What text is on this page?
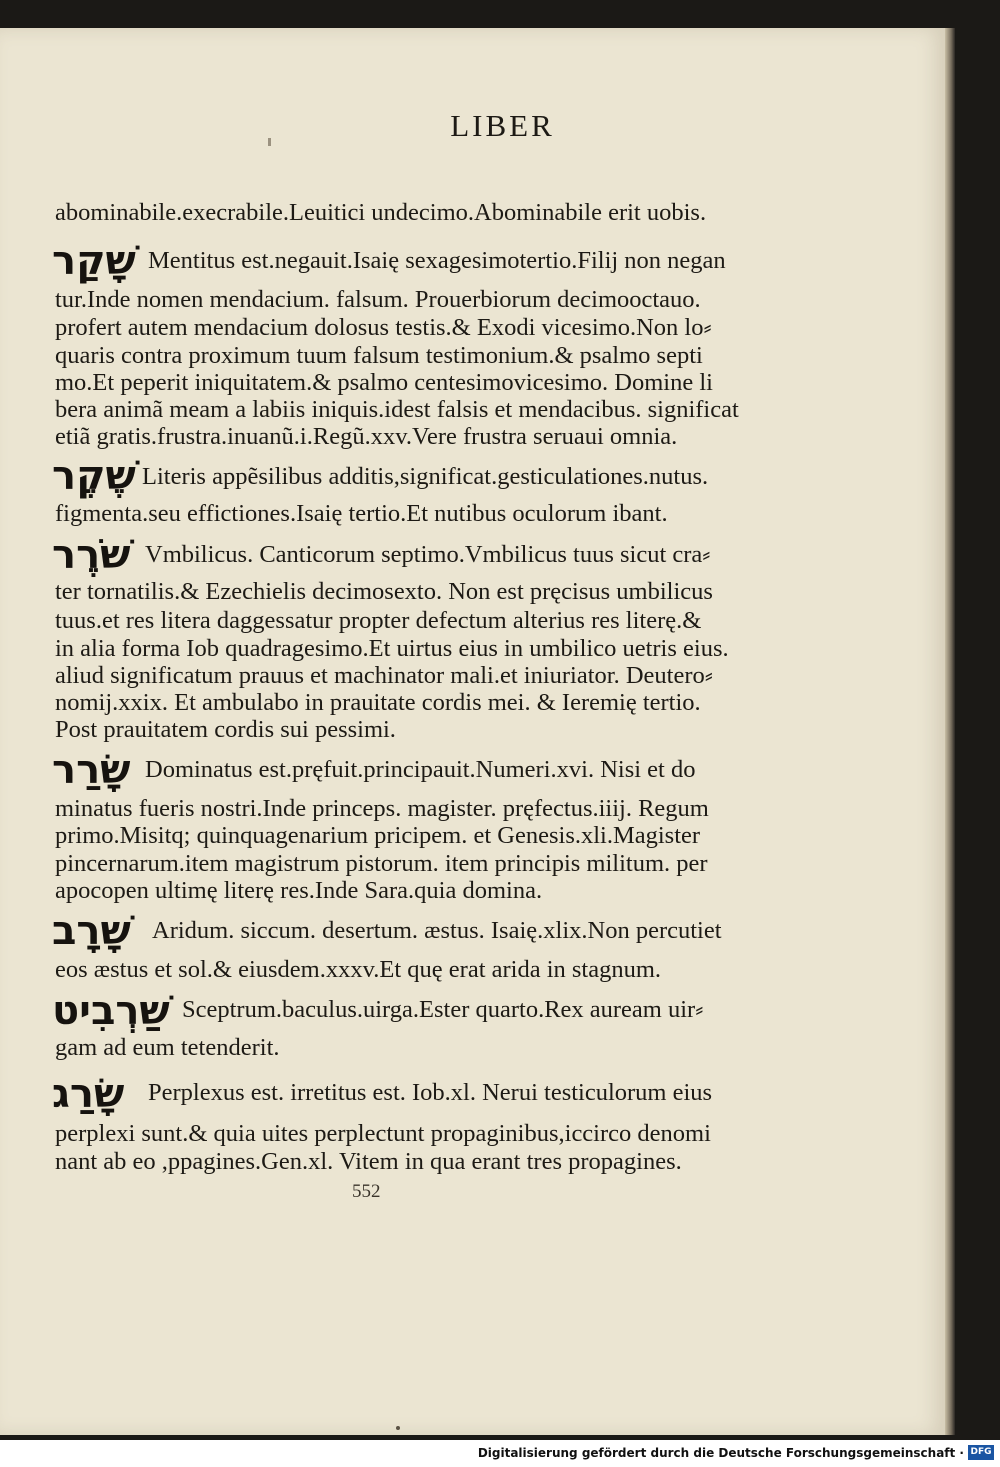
LIBER
abominabile.execrabile.Leuitici undecimo.Abominabile erit uobis.
שָׁקַר Mentitus est.negauit.Isaię sexagesimotertio.Filij non negan
tur.Inde nomen mendacium. falsum. Prouerbiorum decimooctauo.
profert autem mendacium dolosus testis.& Exodi vicesimo.Non lo⸗
quaris contra proximum tuum falsum testimonium.& psalmo septi
mo.Et peperit iniquitatem.& psalmo centesimovicesimo. Domine li
bera animã meam a labiis iniquis.idest falsis et mendacibus. significat
etiã gratis.frustra.inuanũ.i.Regũ.xxv.Vere frustra seruaui omnia.
שֶׁקֶר Literis appẽsilibus additis,significat.gesticulationes.nutus.
figmenta.seu effictiones.Isaię tertio.Et nutibus oculorum ibant.
שֹׁרֶר Vmbilicus. Canticorum septimo.Vmbilicus tuus sicut cra⸗
ter tornatilis.& Ezechielis decimosexto. Non est pręcisus umbilicus
tuus.et res litera daggessatur propter defectum alterius res literę.&
in alia forma Iob quadragesimo.Et uirtus eius in umbilico uetris eius.
aliud significatum prauus et machinator mali.et iniuriator. Deutero⸗
nomij.xxix. Et ambulabo in prauitate cordis mei. & Ieremię tertio.
Post prauitatem cordis sui pessimi.
שָׂרַר Dominatus est.pręfuit.principauit.Numeri.xvi. Nisi et do
minatus fueris nostri.Inde princeps. magister. pręfectus.iiij. Regum
primo.Misitq; quinquagenarium pricipem. et Genesis.xli.Magister
pincernarum.item magistrum pistorum. item principis militum. per
apocopen ultimę literę res.Inde Sara.quia domina.
שָׁרָב Aridum. siccum. desertum. æstus. Isaię.xlix.Non percutiet
eos æstus et sol.& eiusdem.xxxv.Et quę erat arida in stagnum.
שַׁרְבִיט Sceptrum.baculus.uirga.Ester quarto.Rex auream uir⸗
gam ad eum tetenderit.
שָׂרַג Perplexus est. irretitus est. Iob.xl. Nerui testiculorum eius
perplexi sunt.& quia uites perplectunt propaginibus,iccirco denomi
nant ab eo ,ppagines.Gen.xl. Vitem in qua erant tres propagines.
552
Digitalisierung gefördert durch die Deutsche Forschungsgemeinschaft · DFG
